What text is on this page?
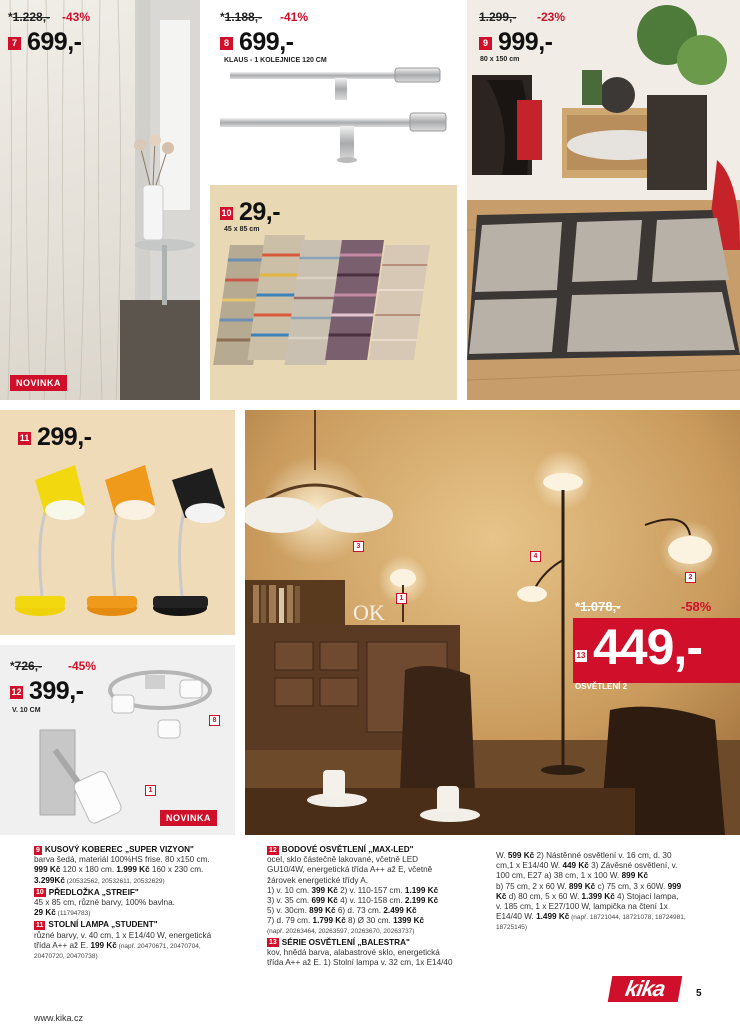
*1.228,- -43%
7 699,-
NOVINKA
*1.188,- -41%
8 699,-
KLAUS - 1 KOLEJNICE 120 CM
10 29,-
45 x 85 cm
1.299,- -23%
9 999,-
80 x 150 cm
11 299,-
*726,- -45%
12 399,-
V. 10 CM
8
1
NOVINKA
OK
3
1
4
2
*1.078,-	-58%
13 449,-
OSVĚTLENÍ 2
9 KUSOVÝ KOBEREC „SUPER VIZYON"
barva šedá, materiál 100%HS frise. 80 x150 cm.
999 Kč 120 x 180 cm. 1.999 Kč 160 x 230 cm.
3.299Kč (20532562, 20532611, 20532629)
10 PŘEDLOŽKA „STREIF"
45 x 85 cm, různé barvy, 100% bavlna.
29 Kč (11794783)
11 STOLNÍ LAMPA „STUDENT"
různé barvy, v. 40 cm, 1 x E14/40 W, energetická
třída A++ až E. 199 Kč (např. 20470671, 20470704,
20470720, 20470738)
12 BODOVÉ OSVĚTLENÍ „MAX-LED"
ocel, sklo částečně lakované, včetně LED
GU10/4W, energetická třída A++ až E, včetně
žárovek energetické třídy A.
1) v. 10 cm. 399 Kč 2) v. 110-157 cm. 1.199 Kč
3) v. 35 cm. 699 Kč 4) v. 110-158 cm. 2.199 Kč
5) v. 30cm. 899 Kč 6) d. 73 cm. 2.499 Kč
7) d. 79 cm. 1.799 Kč 8) Ø 30 cm. 1399 Kč
(např. 20263464, 20263597, 20263670, 20263737)
13 SÉRIE OSVĚTLENÍ „BALESTRA"
kov, hnědá barva, alabastrové sklo, energetická
třída A++ až E. 1) Stolní lampa v. 32 cm, 1x E14/40
W. 599 Kč 2) Nástěnné osvětlení v. 16 cm, d. 30
cm,1 x E14/40 W. 449 Kč 3) Závěsné osvětlení, v.
100 cm, E27 a) 38 cm, 1 x 100 W. 899 Kč
b) 75 cm, 2 x 60 W. 899 Kč c) 75 cm, 3 x 60W. 999
Kč d) 80 cm, 5 x 60 W. 1.399 Kč 4) Stojací lampa,
v. 185 cm, 1 x E27/100 W, lampička na čtení 1x
E14/40 W. 1.499 Kč (např. 18721044, 18721078, 18724981,
18725145)
www.kika.cz
kika	5
